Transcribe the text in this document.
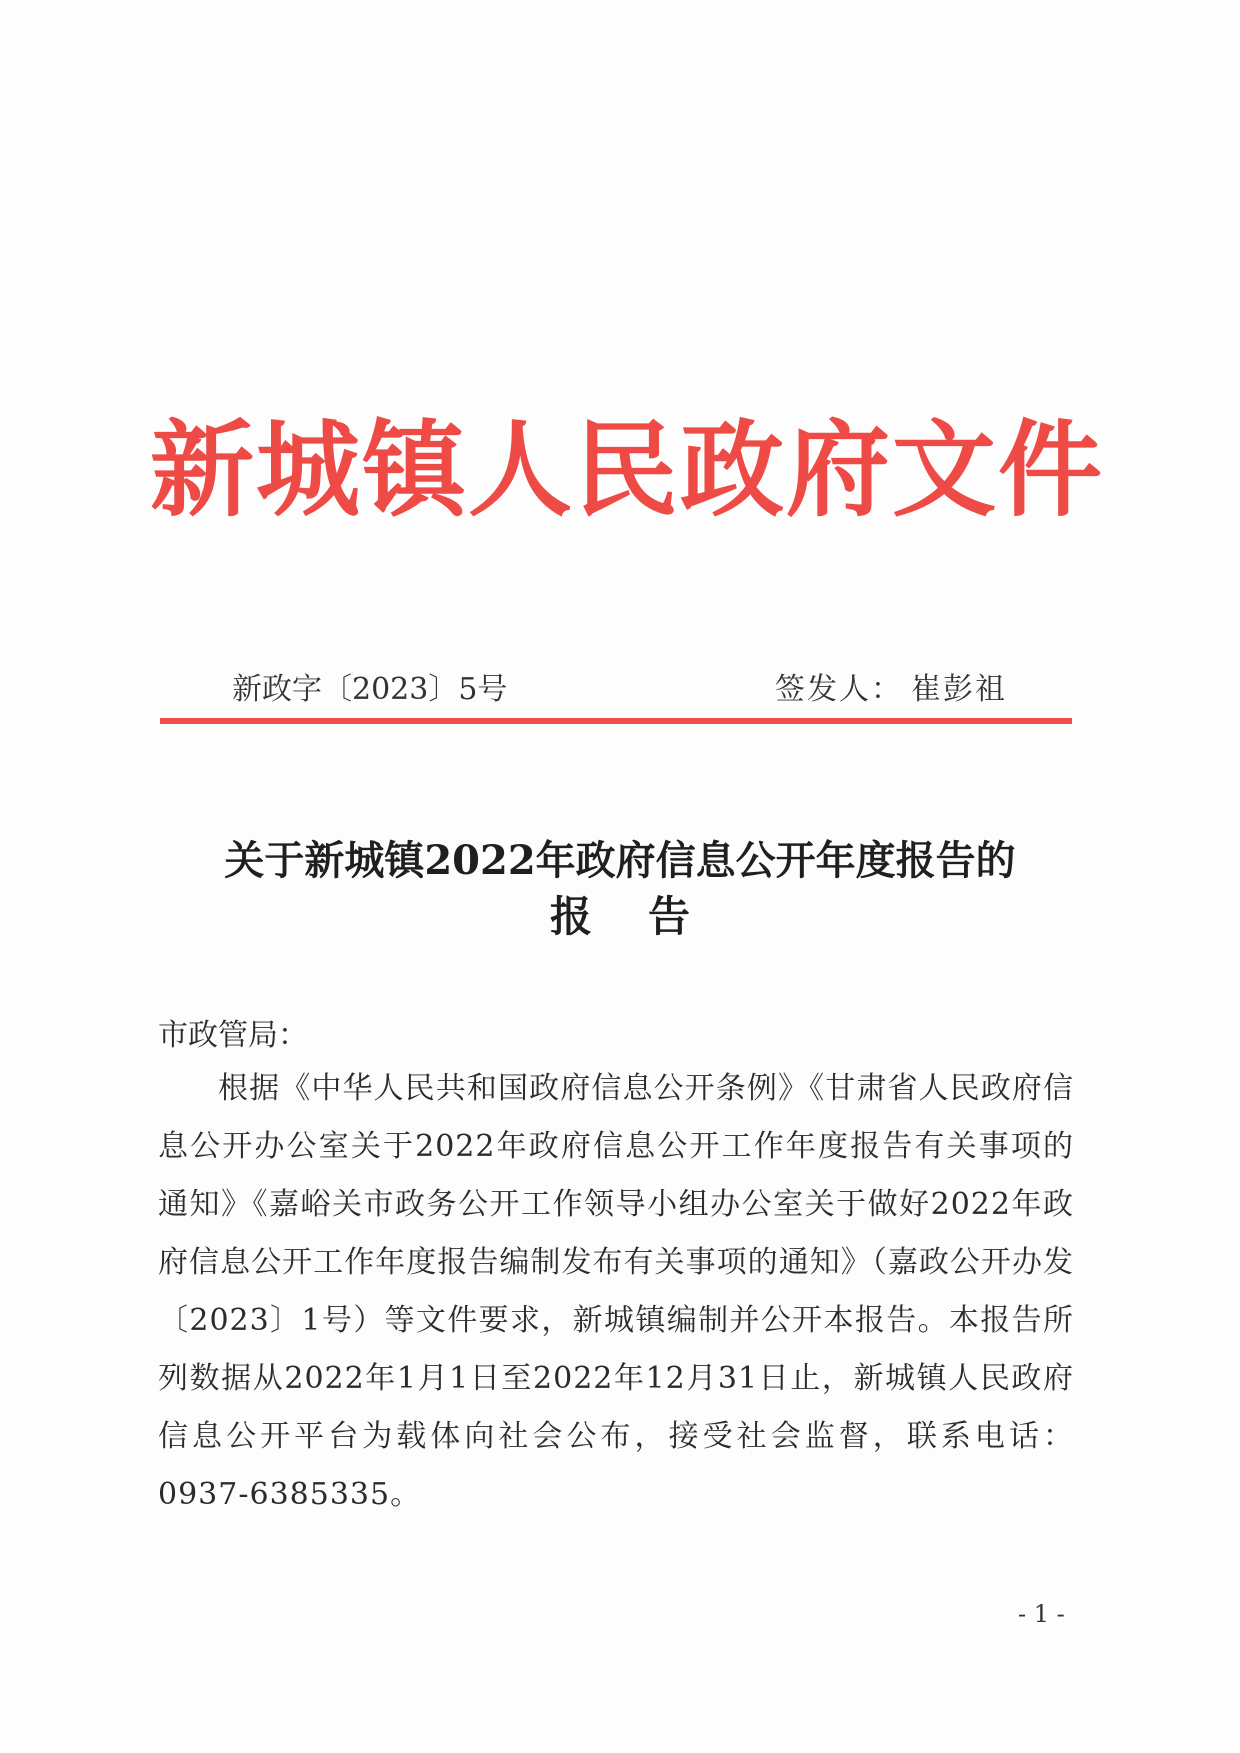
新城镇人民政府文件
新政字〔2023〕5号	签发人： 崔彭祖
关于新城镇2022年政府信息公开年度报告的
报告
市政管局：
根据《中华人民共和国政府信息公开条例》《甘肃省人民政府信息公开办公室关于2022年政府信息公开工作年度报告有关事项的通知》《嘉峪关市政务公开工作领导小组办公室关于做好2022年政府信息公开工作年度报告编制发布有关事项的通知》（嘉政公开办发〔2023〕1号）等文件要求，新城镇编制并公开本报告。本报告所列数据从2022年1月1日至2022年12月31日止，新城镇人民政府信息公开平台为载体向社会公布，接受社会监督，联系电话：0937-6385335。
- 1 -
